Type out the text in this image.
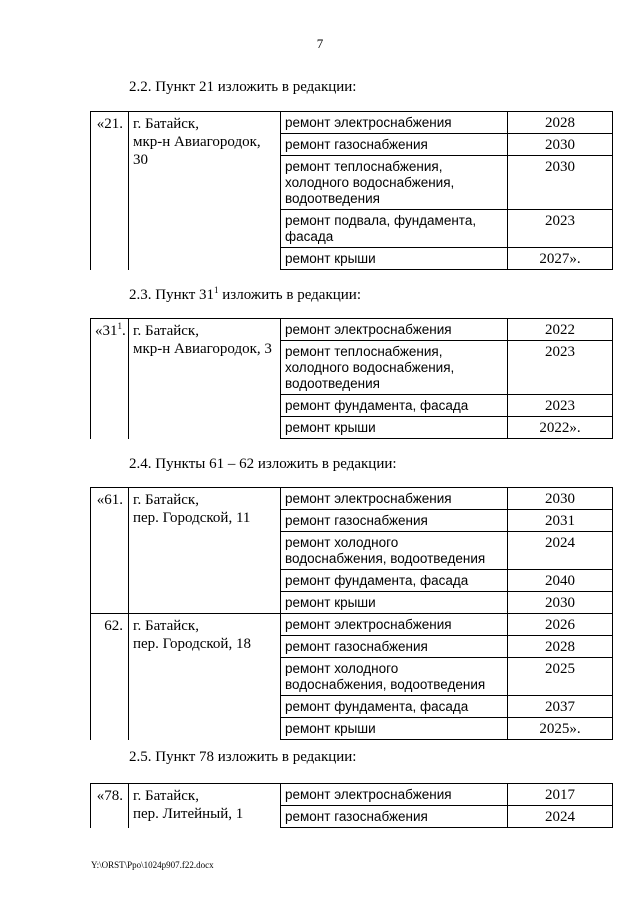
7
2.2. Пункт 21 изложить в редакции:
«21.	г. Батайск,
мкр-н Авиагородок,
30	ремонт электроснабжения	2028
		ремонт газоснабжения	2030
		ремонт теплоснабжения, холодного водоснабжения, водоотведения	2030
		ремонт подвала, фундамента, фасада	2023
		ремонт крыши	2027».
2.3. Пункт $31^1$ изложить в редакции:
«$31^1$.	г. Батайск,
мкр-н Авиагородок, 3	ремонт электроснабжения	2022
		ремонт теплоснабжения, холодного водоснабжения, водоотведения	2023
		ремонт фундамента, фасада	2023
		ремонт крыши	2022».
2.4. Пункты 61 – 62 изложить в редакции:
«61.	г. Батайск,
пер. Городской, 11	ремонт электроснабжения	2030
		ремонт газоснабжения	2031
		ремонт холодного водоснабжения, водоотведения	2024
		ремонт фундамента, фасада	2040
		ремонт крыши	2030
62.	г. Батайск,
пер. Городской, 18	ремонт электроснабжения	2026
		ремонт газоснабжения	2028
		ремонт холодного водоснабжения, водоотведения	2025
		ремонт фундамента, фасада	2037
		ремонт крыши	2025».
2.5. Пункт 78 изложить в редакции:
«78.	г. Батайск,
пер. Литейный, 1	ремонт электроснабжения	2017
		ремонт газоснабжения	2024
Y:\ORST\Ppo\1024p907.f22.docx
